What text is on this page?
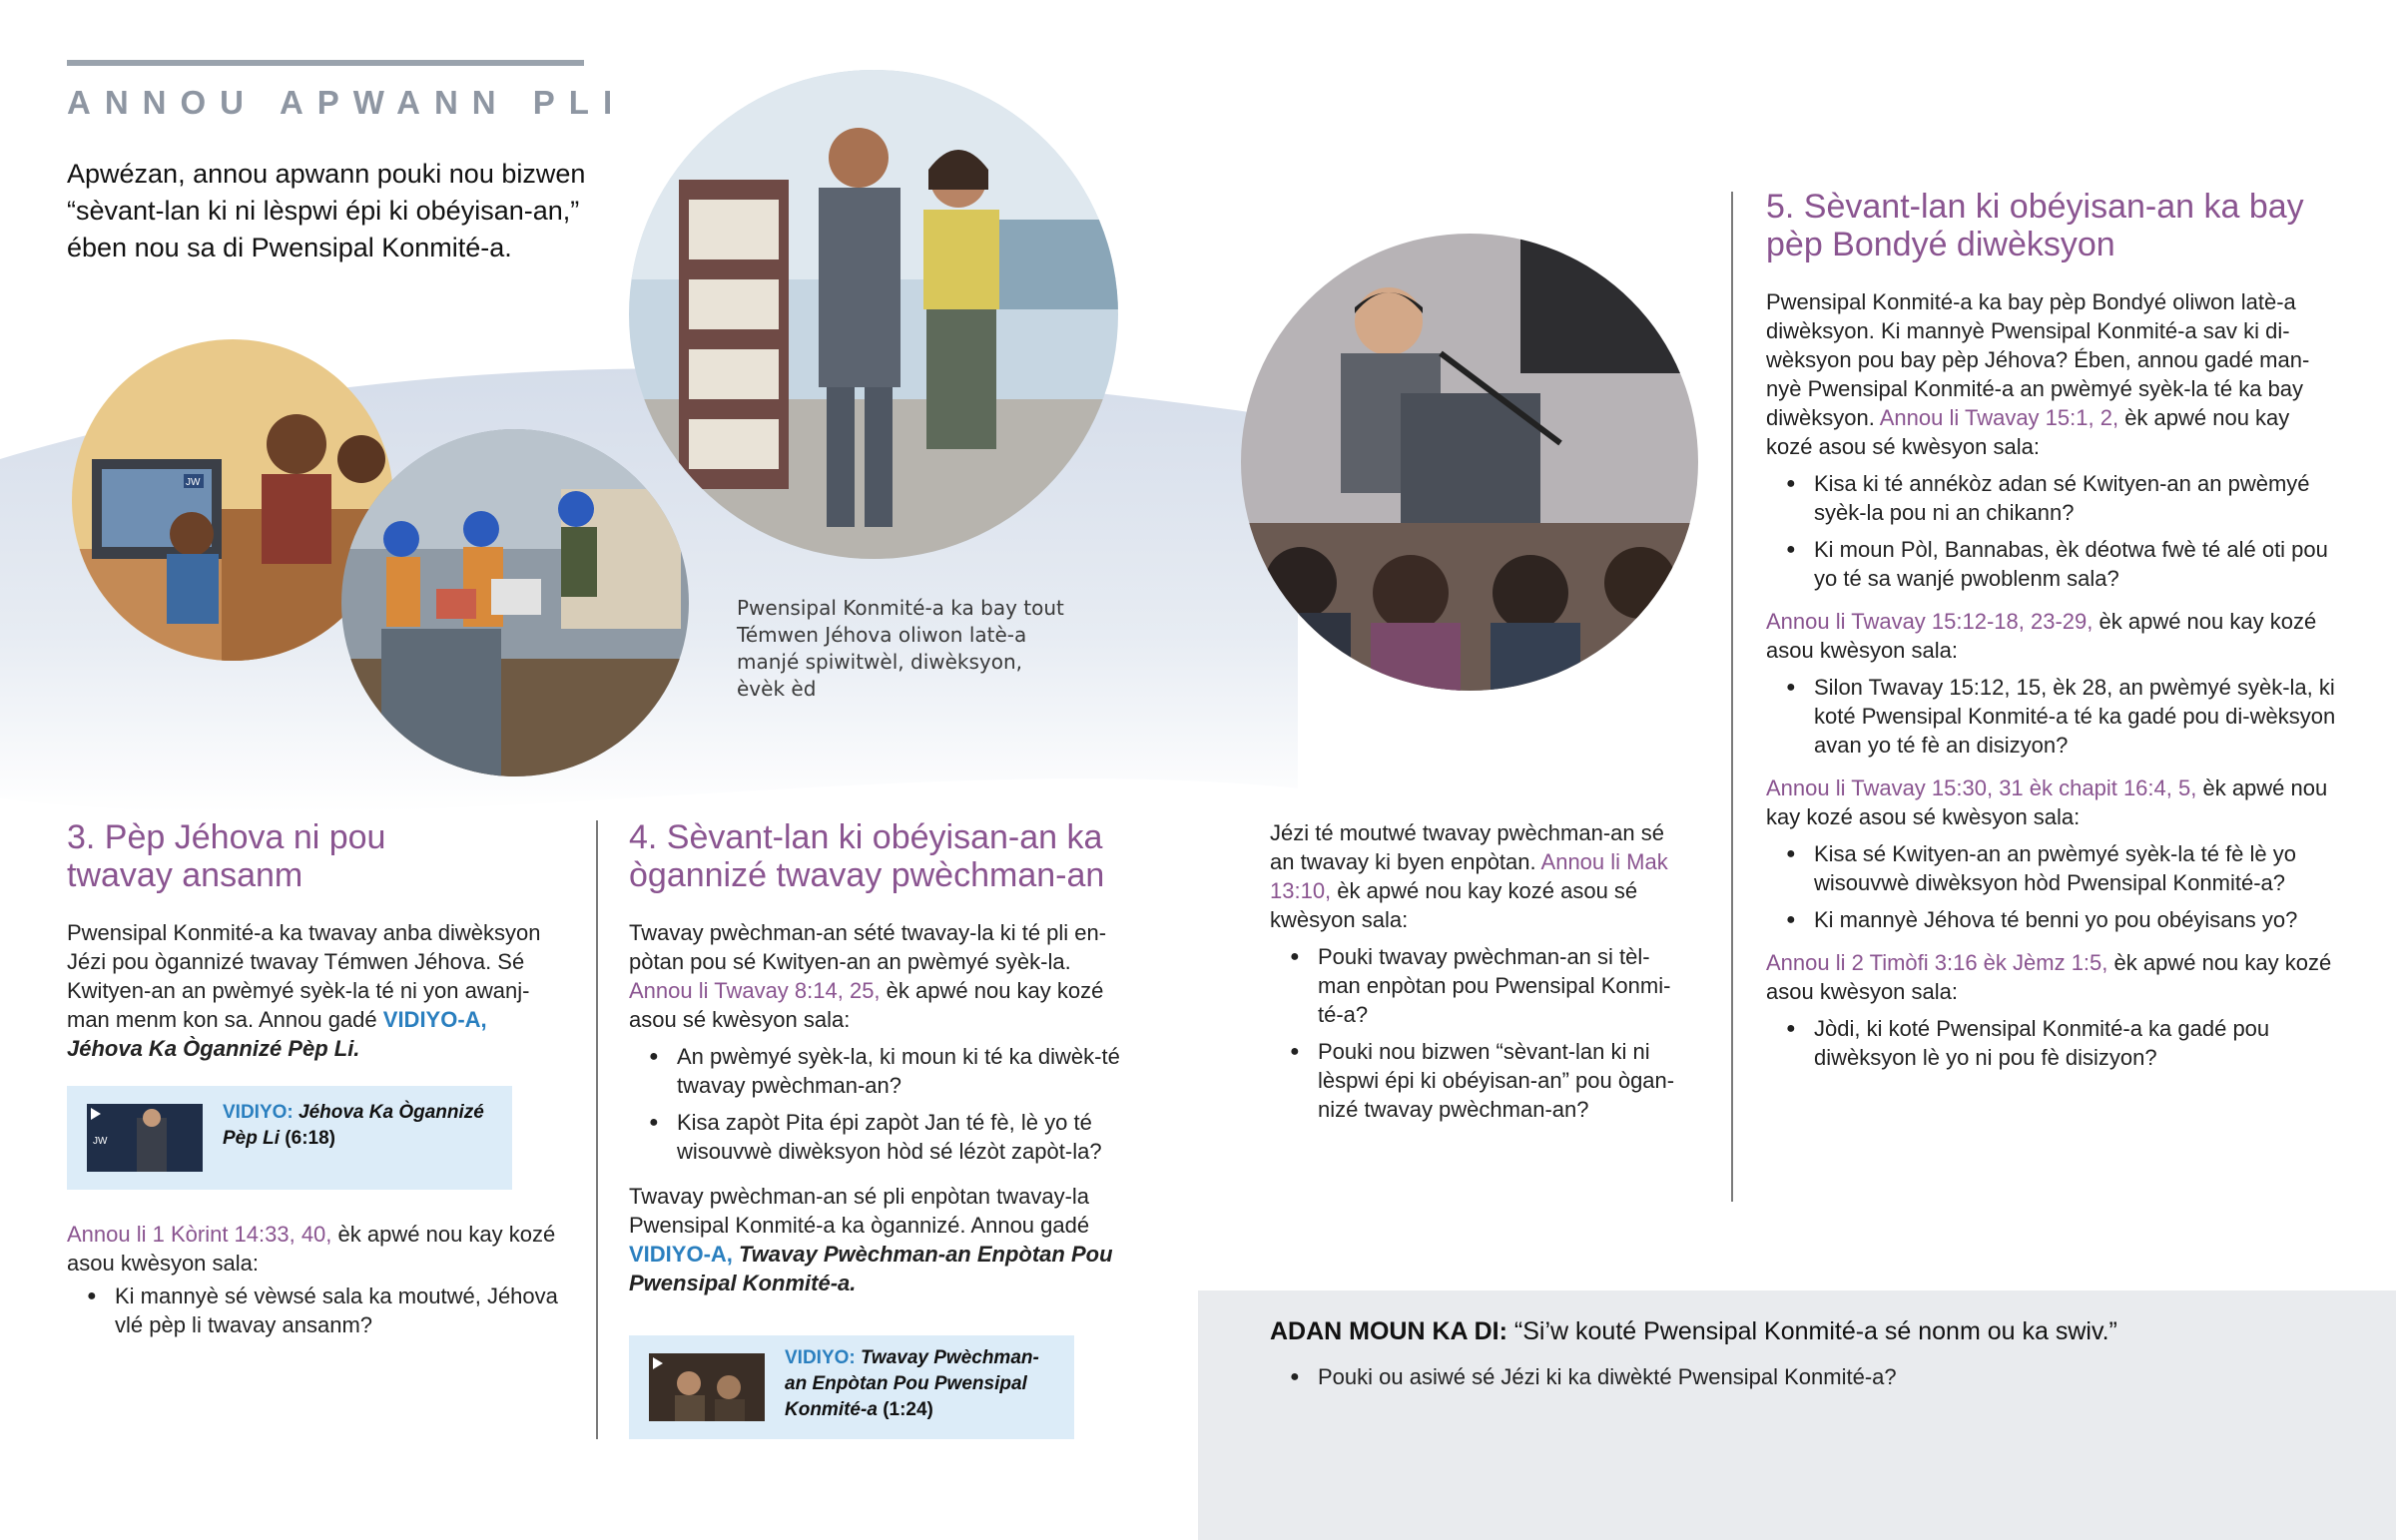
ANNOU APWANN PLI
Apwézan, annou apwann pouki nou bizwen “sèvant-lan ki ni lèspwi épi ki obéyisan-an,” ében nou sa di Pwensipal Konmité-a.
JW
Pwensipal Konmité-a ka bay tout Témwen Jéhova oliwon latè-a manjé spiwitwèl, diwèksyon, èvèk èd
3. Pèp Jéhova ni pou twavay ansanm

Pwensipal Konmité-a ka twavay anba diwèksyon Jézi pou ògannizé twavay Témwen Jéhova. Sé Kwityen-an an pwèmyé syèk-la té ni yon awanj-man menm kon sa. Annou gadé VIDIYO-A, Jéhova Ka Ògannizé Pèp Li.

JW
VIDIYO: Jéhova Ka Ògannizé Pèp Li (6:18)

Annou li 1 Kòrint 14:33, 40, èk apwé nou kay kozé asou kwèsyon sala:

● Ki mannyè sé vèwsé sala ka moutwé, Jéhova vlé pèp li twavay ansanm?
4. Sèvant-lan ki obéyisan-an ka ògannizé twavay pwèchman-an

Twavay pwèchman-an sété twavay-la ki té pli en-pòtan pou sé Kwityen-an an pwèmyé syèk-la.

Annou li Twavay 8:14, 25, èk apwé nou kay kozé asou sé kwèsyon sala:

● An pwèmyé syèk-la, ki moun ki té ka diwèk-té twavay pwèchman-an?
● Kisa zapòt Pita épi zapòt Jan té fè, lè yo té wisouvwè diwèksyon hòd sé lézòt zapòt-la?

Twavay pwèchman-an sé pli enpòtan twavay-la Pwensipal Konmité-a ka ògannizé. Annou gadé VIDIYO-A, Twavay Pwèchman-an Enpòtan Pou Pwensipal Konmité-a.

VIDIYO: Twavay Pwèchman-an Enpòtan Pou Pwensipal Konmité-a (1:24)

Jézi té moutwé twavay pwèchman-an sé an twavay ki byen enpòtan. Annou li Mak 13:10, èk apwé nou kay kozé asou sé kwèsyon sala:

● Pouki twavay pwèchman-an si tèl-man enpòtan pou Pwensipal Konmi-té-a?
● Pouki nou bizwen “sèvant-lan ki ni lèspwi épi ki obéyisan-an” pou ògan-nizé twavay pwèchman-an?
5. Sèvant-lan ki obéyisan-an ka bay pèp Bondyé diwèksyon

Pwensipal Konmité-a ka bay pèp Bondyé oliwon latè-a diwèksyon. Ki mannyè Pwensipal Konmité-a sav ki di-wèksyon pou bay pèp Jéhova? Ében, annou gadé man-nyè Pwensipal Konmité-a an pwèmyé syèk-la té ka bay diwèksyon. Annou li Twavay 15:1, 2, èk apwé nou kay kozé asou sé kwèsyon sala:

● Kisa ki té annékòz adan sé Kwityen-an an pwèmyé syèk-la pou ni an chikann?
● Ki moun Pòl, Bannabas, èk déotwa fwè té alé oti pou yo té sa wanjé pwoblenm sala?

Annou li Twavay 15:12-18, 23-29, èk apwé nou kay kozé asou kwèsyon sala:

● Silon Twavay 15:12, 15, èk 28, an pwèmyé syèk-la, ki koté Pwensipal Konmité-a té ka gadé pou di-wèksyon avan yo té fè an disizyon?

Annou li Twavay 15:30, 31 èk chapit 16:4, 5, èk apwé nou kay kozé asou sé kwèsyon sala:

● Kisa sé Kwityen-an an pwèmyé syèk-la té fè lè yo wisouvwè diwèksyon hòd Pwensipal Konmité-a?
● Ki mannyè Jéhova té benni yo pou obéyisans yo?

Annou li 2 Timòfi 3:16 èk Jèmz 1:5, èk apwé nou kay kozé asou kwèsyon sala:

● Jòdi, ki koté Pwensipal Konmité-a ka gadé pou diwèksyon lè yo ni pou fè disizyon?
ADAN MOUN KA DI: “Si’w kouté Pwensipal Konmité-a sé nonm ou ka swiv.”
● Pouki ou asiwé sé Jézi ki ka diwèkté Pwensipal Konmité-a?
